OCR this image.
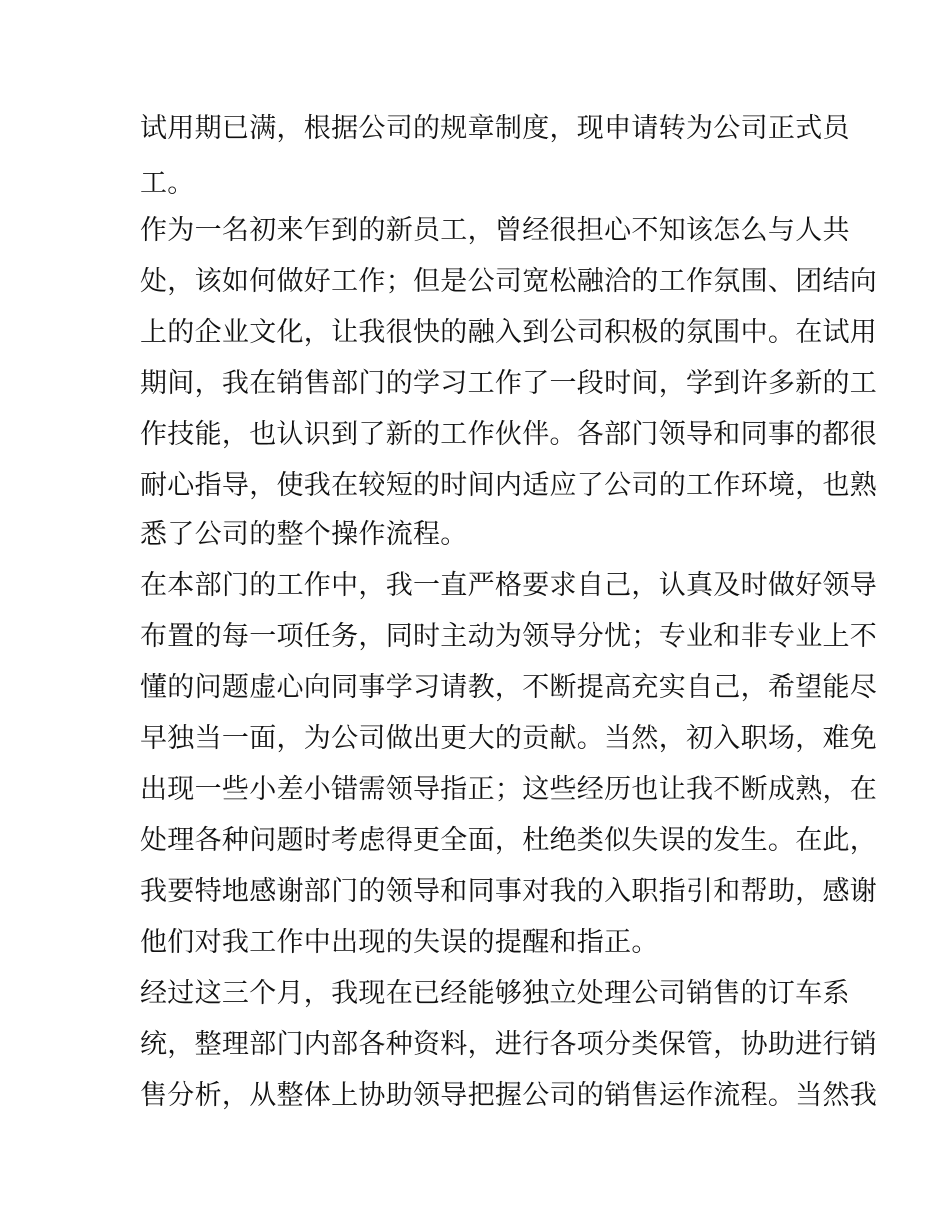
试用期已满，根据公司的规章制度，现申请转为公司正式员

工。

作为一名初来乍到的新员工，曾经很担心不知该怎么与人共

处，该如何做好工作；但是公司宽松融洽的工作氛围、团结向

上的企业文化，让我很快的融入到公司积极的氛围中。在试用

期间，我在销售部门的学习工作了一段时间，学到许多新的工

作技能，也认识到了新的工作伙伴。各部门领导和同事的都很

耐心指导，使我在较短的时间内适应了公司的工作环境，也熟

悉了公司的整个操作流程。

在本部门的工作中，我一直严格要求自己，认真及时做好领导

布置的每一项任务，同时主动为领导分忧；专业和非专业上不

懂的问题虚心向同事学习请教，不断提高充实自己，希望能尽

早独当一面，为公司做出更大的贡献。当然，初入职场，难免

出现一些小差小错需领导指正；这些经历也让我不断成熟，在

处理各种问题时考虑得更全面，杜绝类似失误的发生。在此，

我要特地感谢部门的领导和同事对我的入职指引和帮助，感谢

他们对我工作中出现的失误的提醒和指正。

经过这三个月，我现在已经能够独立处理公司销售的订车系

统，整理部门内部各种资料，进行各项分类保管，协助进行销

售分析，从整体上协助领导把握公司的销售运作流程。当然我
